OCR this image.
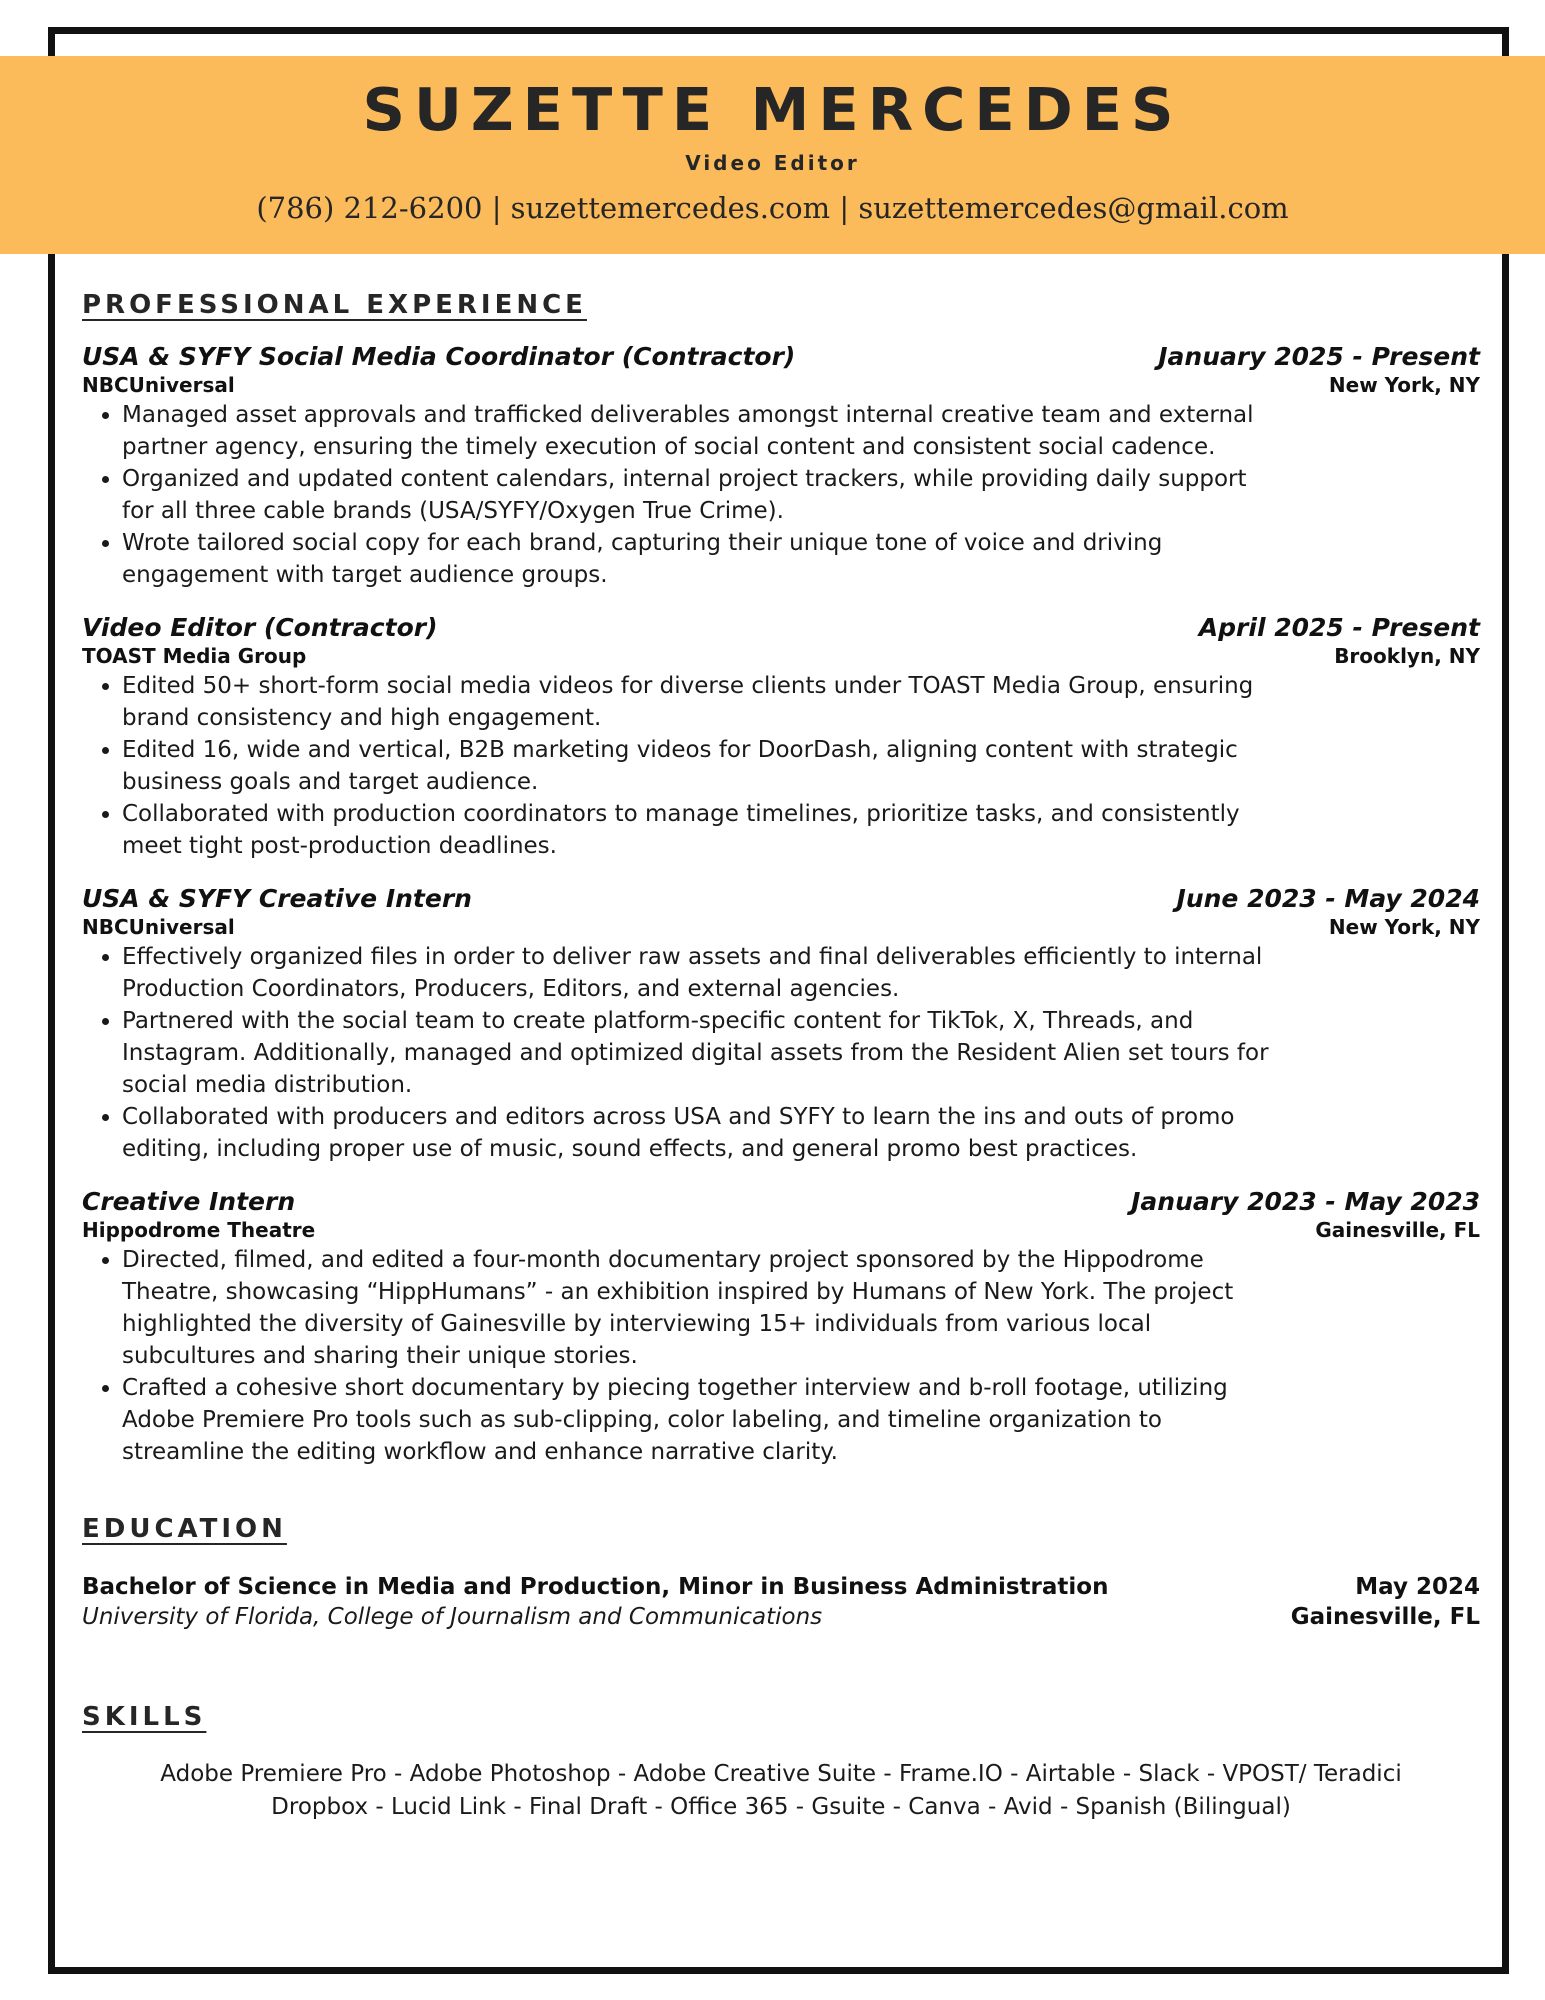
SUZETTE MERCEDES
Video Editor
(786) 212-6200 | suzettemercedes.com | suzettemercedes@gmail.com
PROFESSIONAL EXPERIENCE
USA & SYFY Social Media Coordinator (Contractor)	January 2025 - Present
NBCUniversal	New York, NY
• Managed asset approvals and trafficked deliverables amongst internal creative team and external partner agency, ensuring the timely execution of social content and consistent social cadence.
• Organized and updated content calendars, internal project trackers, while providing daily support for all three cable brands (USA/SYFY/Oxygen True Crime).
• Wrote tailored social copy for each brand, capturing their unique tone of voice and driving engagement with target audience groups.
Video Editor (Contractor)	April 2025 - Present
TOAST Media Group	Brooklyn, NY
• Edited 50+ short-form social media videos for diverse clients under TOAST Media Group, ensuring brand consistency and high engagement.
• Edited 16, wide and vertical, B2B marketing videos for DoorDash, aligning content with strategic business goals and target audience.
• Collaborated with production coordinators to manage timelines, prioritize tasks, and consistently meet tight post-production deadlines.
USA & SYFY Creative Intern	June 2023 - May 2024
NBCUniversal	New York, NY
• Effectively organized files in order to deliver raw assets and final deliverables efficiently to internal Production Coordinators, Producers, Editors, and external agencies.
• Partnered with the social team to create platform-specific content for TikTok, X, Threads, and Instagram. Additionally, managed and optimized digital assets from the Resident Alien set tours for social media distribution.
• Collaborated with producers and editors across USA and SYFY to learn the ins and outs of promo editing, including proper use of music, sound effects, and general promo best practices.
Creative Intern	January 2023 - May 2023
Hippodrome Theatre	Gainesville, FL
• Directed, filmed, and edited a four-month documentary project sponsored by the Hippodrome Theatre, showcasing “HippHumans” - an exhibition inspired by Humans of New York. The project highlighted the diversity of Gainesville by interviewing 15+ individuals from various local subcultures and sharing their unique stories.
• Crafted a cohesive short documentary by piecing together interview and b-roll footage, utilizing Adobe Premiere Pro tools such as sub-clipping, color labeling, and timeline organization to streamline the editing workflow and enhance narrative clarity.
EDUCATION
Bachelor of Science in Media and Production, Minor in Business Administration	May 2024
University of Florida, College of Journalism and Communications	Gainesville, FL
SKILLS
Adobe Premiere Pro - Adobe Photoshop - Adobe Creative Suite - Frame.IO - Airtable - Slack - VPOST/ Teradici
Dropbox - Lucid Link - Final Draft - Office 365 - Gsuite - Canva - Avid - Spanish (Bilingual)
